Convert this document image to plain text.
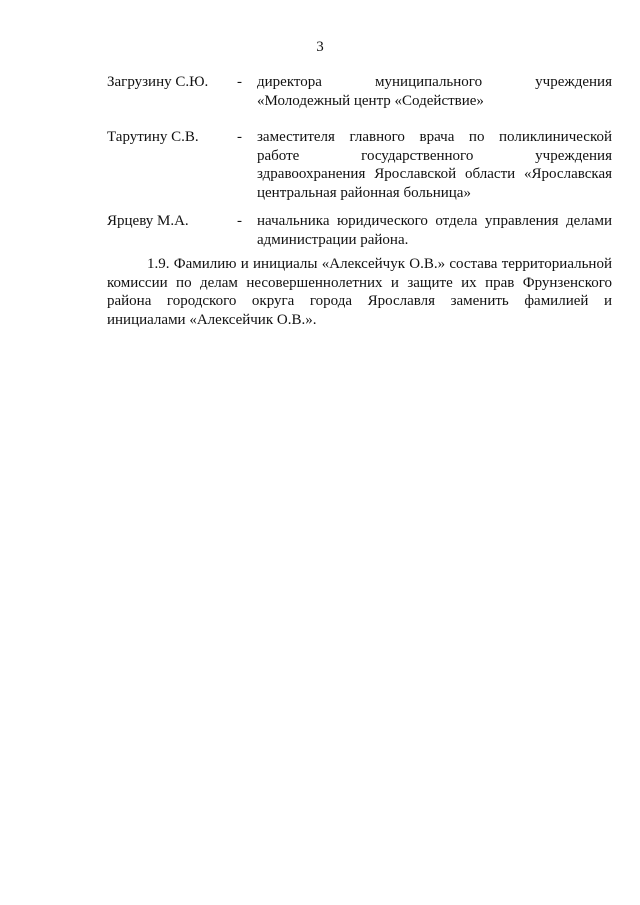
3
Загрузину С.Ю. - директора муниципального учреждения
«Молодежный центр «Содействие»
Тарутину С.В.	- заместителя главного врача по поликлинической
работе государственного учреждения
здравоохранения Ярославской области «Ярославская
центральная районная больница»
Ярцеву М.А.	- начальника юридического отдела управления делами
администрации района.
1.9. Фамилию и инициалы «Алексейчук О.В.» состава территориальной
комиссии по делам несовершеннолетних и защите их прав Фрунзенского
района городского округа города Ярославля заменить фамилией и
инициалами «Алексейчик О.В.».
